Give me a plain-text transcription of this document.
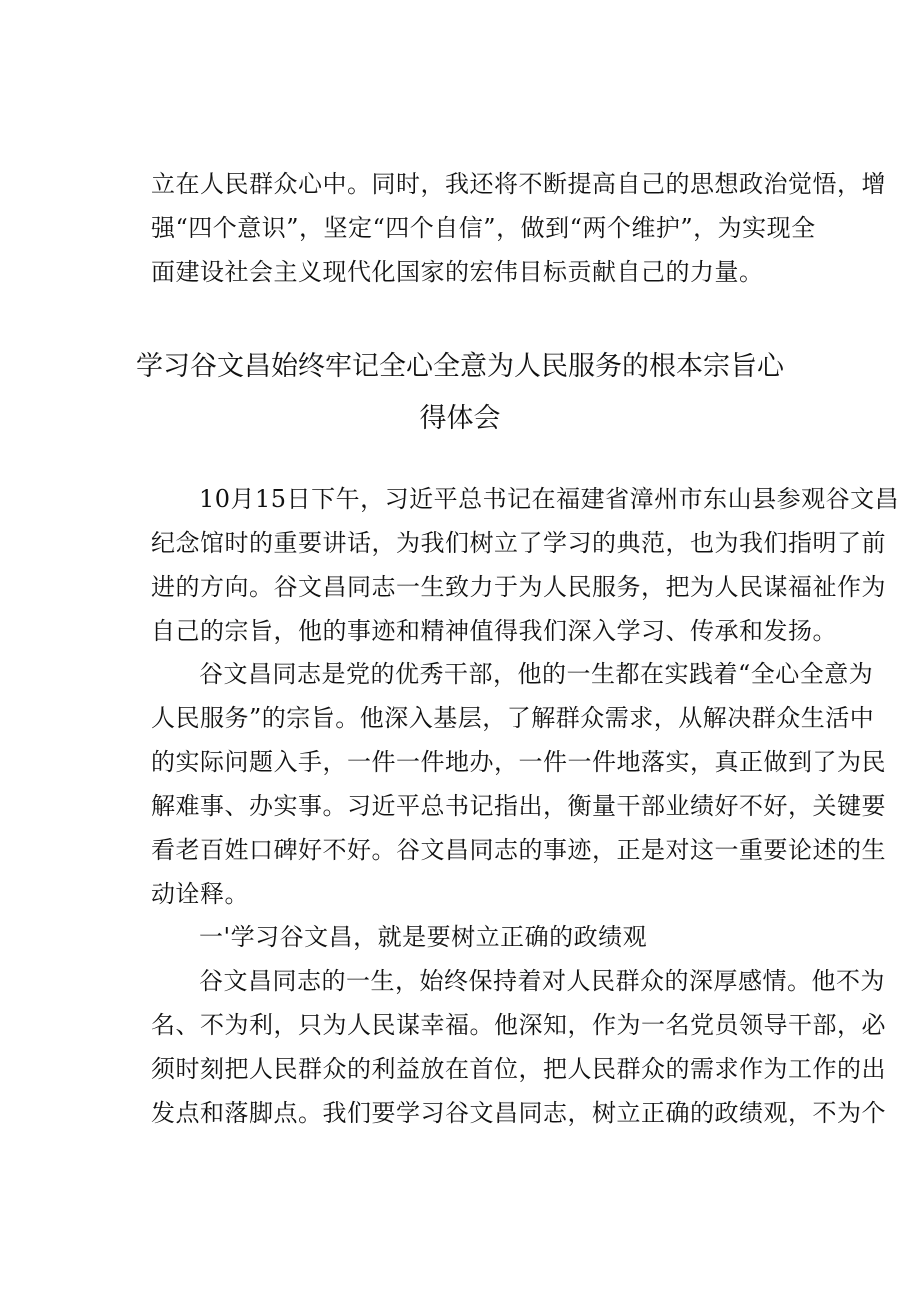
立在人民群众心中。同时，我还将不断提高自己的思想政治觉悟，增
强“四个意识”，坚定“四个自信”，做到“两个维护”，为实现全
面建设社会主义现代化国家的宏伟目标贡献自己的力量。
学习谷文昌始终牢记全心全意为人民服务的根本宗旨心
得体会
10月15日下午，习近平总书记在福建省漳州市东山县参观谷文昌
纪念馆时的重要讲话，为我们树立了学习的典范，也为我们指明了前
进的方向。谷文昌同志一生致力于为人民服务，把为人民谋福祉作为
自己的宗旨，他的事迹和精神值得我们深入学习、传承和发扬。
谷文昌同志是党的优秀干部，他的一生都在实践着“全心全意为
人民服务”的宗旨。他深入基层，了解群众需求，从解决群众生活中
的实际问题入手，一件一件地办，一件一件地落实，真正做到了为民
解难事、办实事。习近平总书记指出，衡量干部业绩好不好，关键要
看老百姓口碑好不好。谷文昌同志的事迹，正是对这一重要论述的生
动诠释。
一'学习谷文昌，就是要树立正确的政绩观
谷文昌同志的一生，始终保持着对人民群众的深厚感情。他不为
名、不为利，只为人民谋幸福。他深知，作为一名党员领导干部，必
须时刻把人民群众的利益放在首位，把人民群众的需求作为工作的出
发点和落脚点。我们要学习谷文昌同志，树立正确的政绩观，不为个
